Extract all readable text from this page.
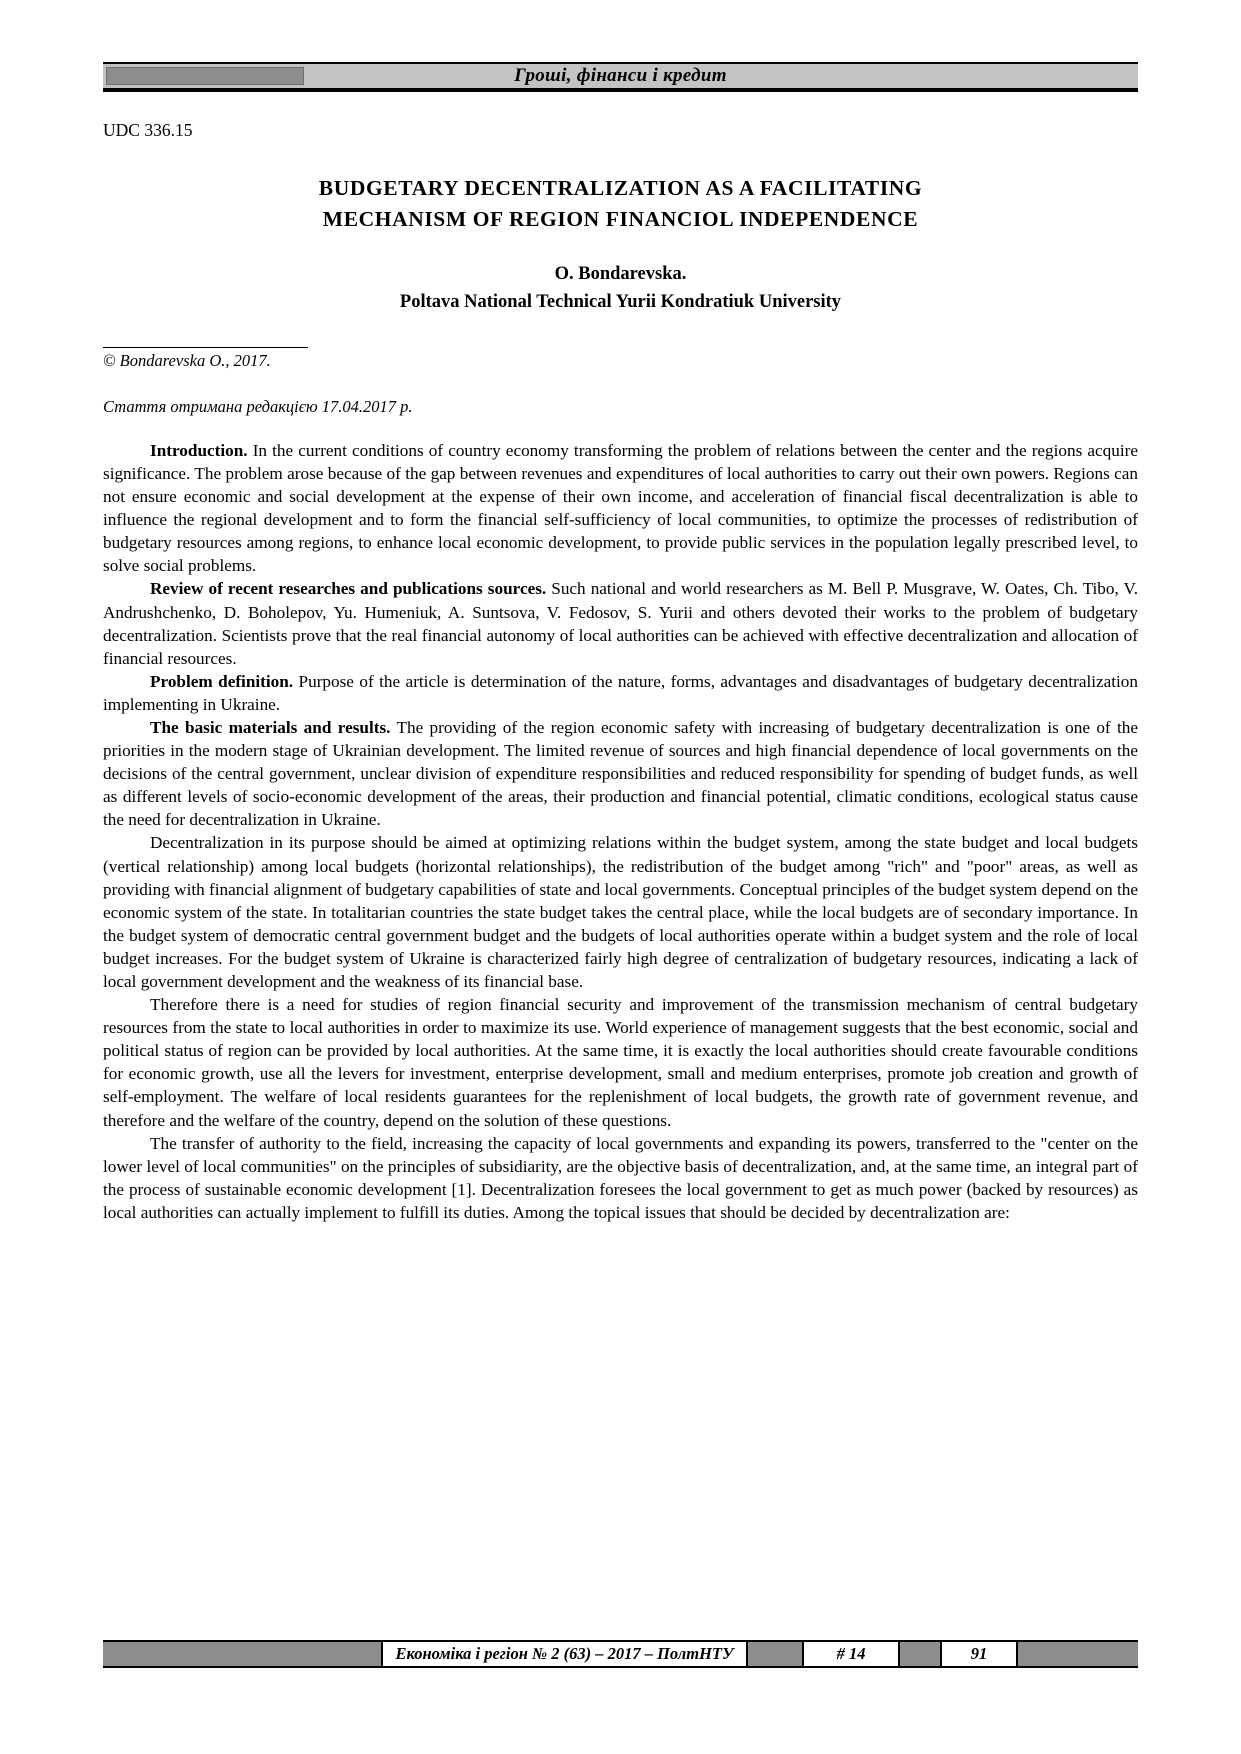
Гроші, фінанси і кредит
UDC 336.15
BUDGETARY DECENTRALIZATION AS A FACILITATING
MECHANISM OF REGION FINANCIOL INDEPENDENCE
O. Bondarevska.
Poltava National Technical Yurii Kondratiuk University
© Bondarevska O., 2017.
Стаття отримана редакцією 17.04.2017 р.

Introduction. In the current conditions of country economy transforming the problem of relations between the center and the regions acquire significance. The problem arose because of the gap between revenues and expenditures of local authorities to carry out their own powers. Regions can not ensure economic and social development at the expense of their own income, and acceleration of financial fiscal decentralization is able to influence the regional development and to form the financial self-sufficiency of local communities, to optimize the processes of redistribution of budgetary resources among regions, to enhance local economic development, to provide public services in the population legally prescribed level, to solve social problems.

Review of recent researches and publications sources. Such national and world researchers as M. Bell P. Musgrave, W. Oates, Ch. Tibo, V. Andrushchenko, D. Boholepov, Yu. Humeniuk, A. Suntsova, V. Fedosov, S. Yurii and others devoted their works to the problem of budgetary decentralization. Scientists prove that the real financial autonomy of local authorities can be achieved with effective decentralization and allocation of financial resources.

Problem definition. Purpose of the article is determination of the nature, forms, advantages and disadvantages of budgetary decentralization implementing in Ukraine.

The basic materials and results. The providing of the region economic safety with increasing of budgetary decentralization is one of the priorities in the modern stage of Ukrainian development. The limited revenue of sources and high financial dependence of local governments on the decisions of the central government, unclear division of expenditure responsibilities and reduced responsibility for spending of budget funds, as well as different levels of socio-economic development of the areas, their production and financial potential, climatic conditions, ecological status cause the need for decentralization in Ukraine.

Decentralization in its purpose should be aimed at optimizing relations within the budget system, among the state budget and local budgets (vertical relationship) among local budgets (horizontal relationships), the redistribution of the budget among "rich" and "poor" areas, as well as providing with financial alignment of budgetary capabilities of state and local governments. Conceptual principles of the budget system depend on the economic system of the state. In totalitarian countries the state budget takes the central place, while the local budgets are of secondary importance. In the budget system of democratic central government budget and the budgets of local authorities operate within a budget system and the role of local budget increases. For the budget system of Ukraine is characterized fairly high degree of centralization of budgetary resources, indicating a lack of local government development and the weakness of its financial base.

Therefore there is a need for studies of region financial security and improvement of the transmission mechanism of central budgetary resources from the state to local authorities in order to maximize its use. World experience of management suggests that the best economic, social and political status of region can be provided by local authorities. At the same time, it is exactly the local authorities should create favourable conditions for economic growth, use all the levers for investment, enterprise development, small and medium enterprises, promote job creation and growth of self-employment. The welfare of local residents guarantees for the replenishment of local budgets, the growth rate of government revenue, and therefore and the welfare of the country, depend on the solution of these questions.

The transfer of authority to the field, increasing the capacity of local governments and expanding its powers, transferred to the "center on the lower level of local communities" on the principles of subsidiarity, are the objective basis of decentralization, and, at the same time, an integral part of the process of sustainable economic development [1]. Decentralization foresees the local government to get as much power (backed by resources) as local authorities can actually implement to fulfill its duties. Among the topical issues that should be decided by decentralization are:

Економіка і регіон № 2 (63) – 2017 – ПолтНТУ	# 14	91
